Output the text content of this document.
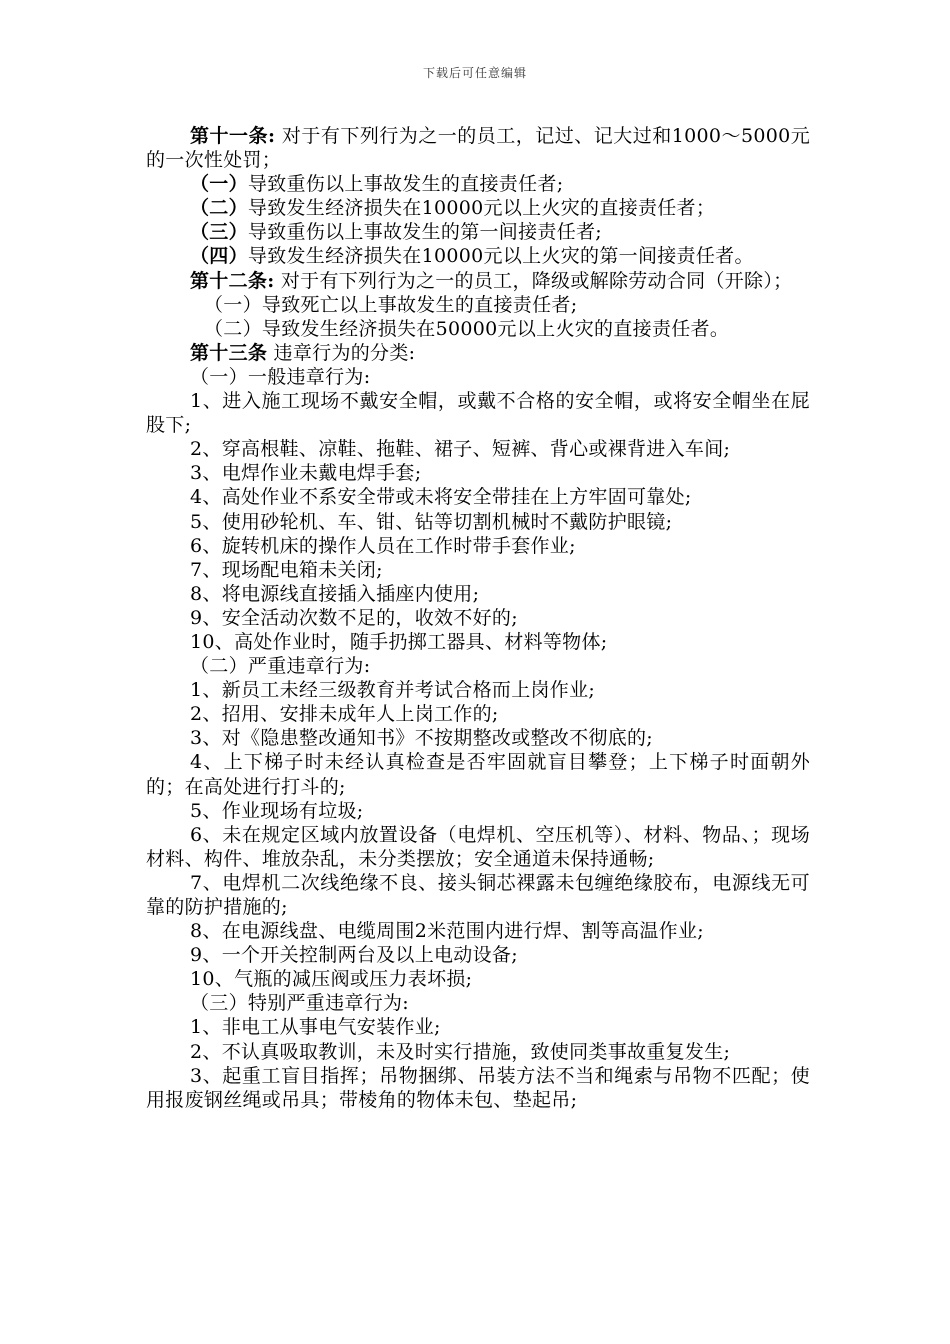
下载后可任意编辑

第十一条: 对于有下列行为之一的员工，记过、记大过和1000～5000元的一次性处罚；

（一）导致重伤以上事故发生的直接责任者;

（二）导致发生经济损失在10000元以上火灾的直接责任者；

（三）导致重伤以上事故发生的第一间接责任者;

（四）导致发生经济损失在10000元以上火灾的第一间接责任者。

第十二条: 对于有下列行为之一的员工，降级或解除劳动合同（开除）；

（一）导致死亡以上事故发生的直接责任者;

（二）导致发生经济损失在50000元以上火灾的直接责任者。

第十三条 违章行为的分类:

（一）一般违章行为:

1、进入施工现场不戴安全帽，或戴不合格的安全帽，或将安全帽坐在屁股下;

2、穿高根鞋、凉鞋、拖鞋、裙子、短裤、背心或裸背进入车间;

3、电焊作业未戴电焊手套;

4、高处作业不系安全带或未将安全带挂在上方牢固可靠处;

5、使用砂轮机、车、钳、钻等切割机械时不戴防护眼镜;

6、旋转机床的操作人员在工作时带手套作业;

7、现场配电箱未关闭;

8、将电源线直接插入插座内使用;

9、安全活动次数不足的，收效不好的;

10、高处作业时，随手扔掷工器具、材料等物体;

（二）严重违章行为:

1、新员工未经三级教育并考试合格而上岗作业;

2、招用、安排未成年人上岗工作的;

3、对《隐患整改通知书》不按期整改或整改不彻底的;

4、上下梯子时未经认真检查是否牢固就盲目攀登；上下梯子时面朝外的；在高处进行打斗的;

5、作业现场有垃圾;

6、未在规定区域内放置设备（电焊机、空压机等）、材料、物品、；现场材料、构件、堆放杂乱，未分类摆放；安全通道未保持通畅;

7、电焊机二次线绝缘不良、接头铜芯裸露未包缠绝缘胶布，电源线无可靠的防护措施的;

8、在电源线盘、电缆周围2米范围内进行焊、割等高温作业;

9、一个开关控制两台及以上电动设备;

10、气瓶的减压阀或压力表坏损;

（三）特别严重违章行为:

1、非电工从事电气安装作业;

2、不认真吸取教训，未及时实行措施，致使同类事故重复发生;

3、起重工盲目指挥；吊物捆绑、吊装方法不当和绳索与吊物不匹配；使用报废钢丝绳或吊具；带棱角的物体未包、垫起吊;
